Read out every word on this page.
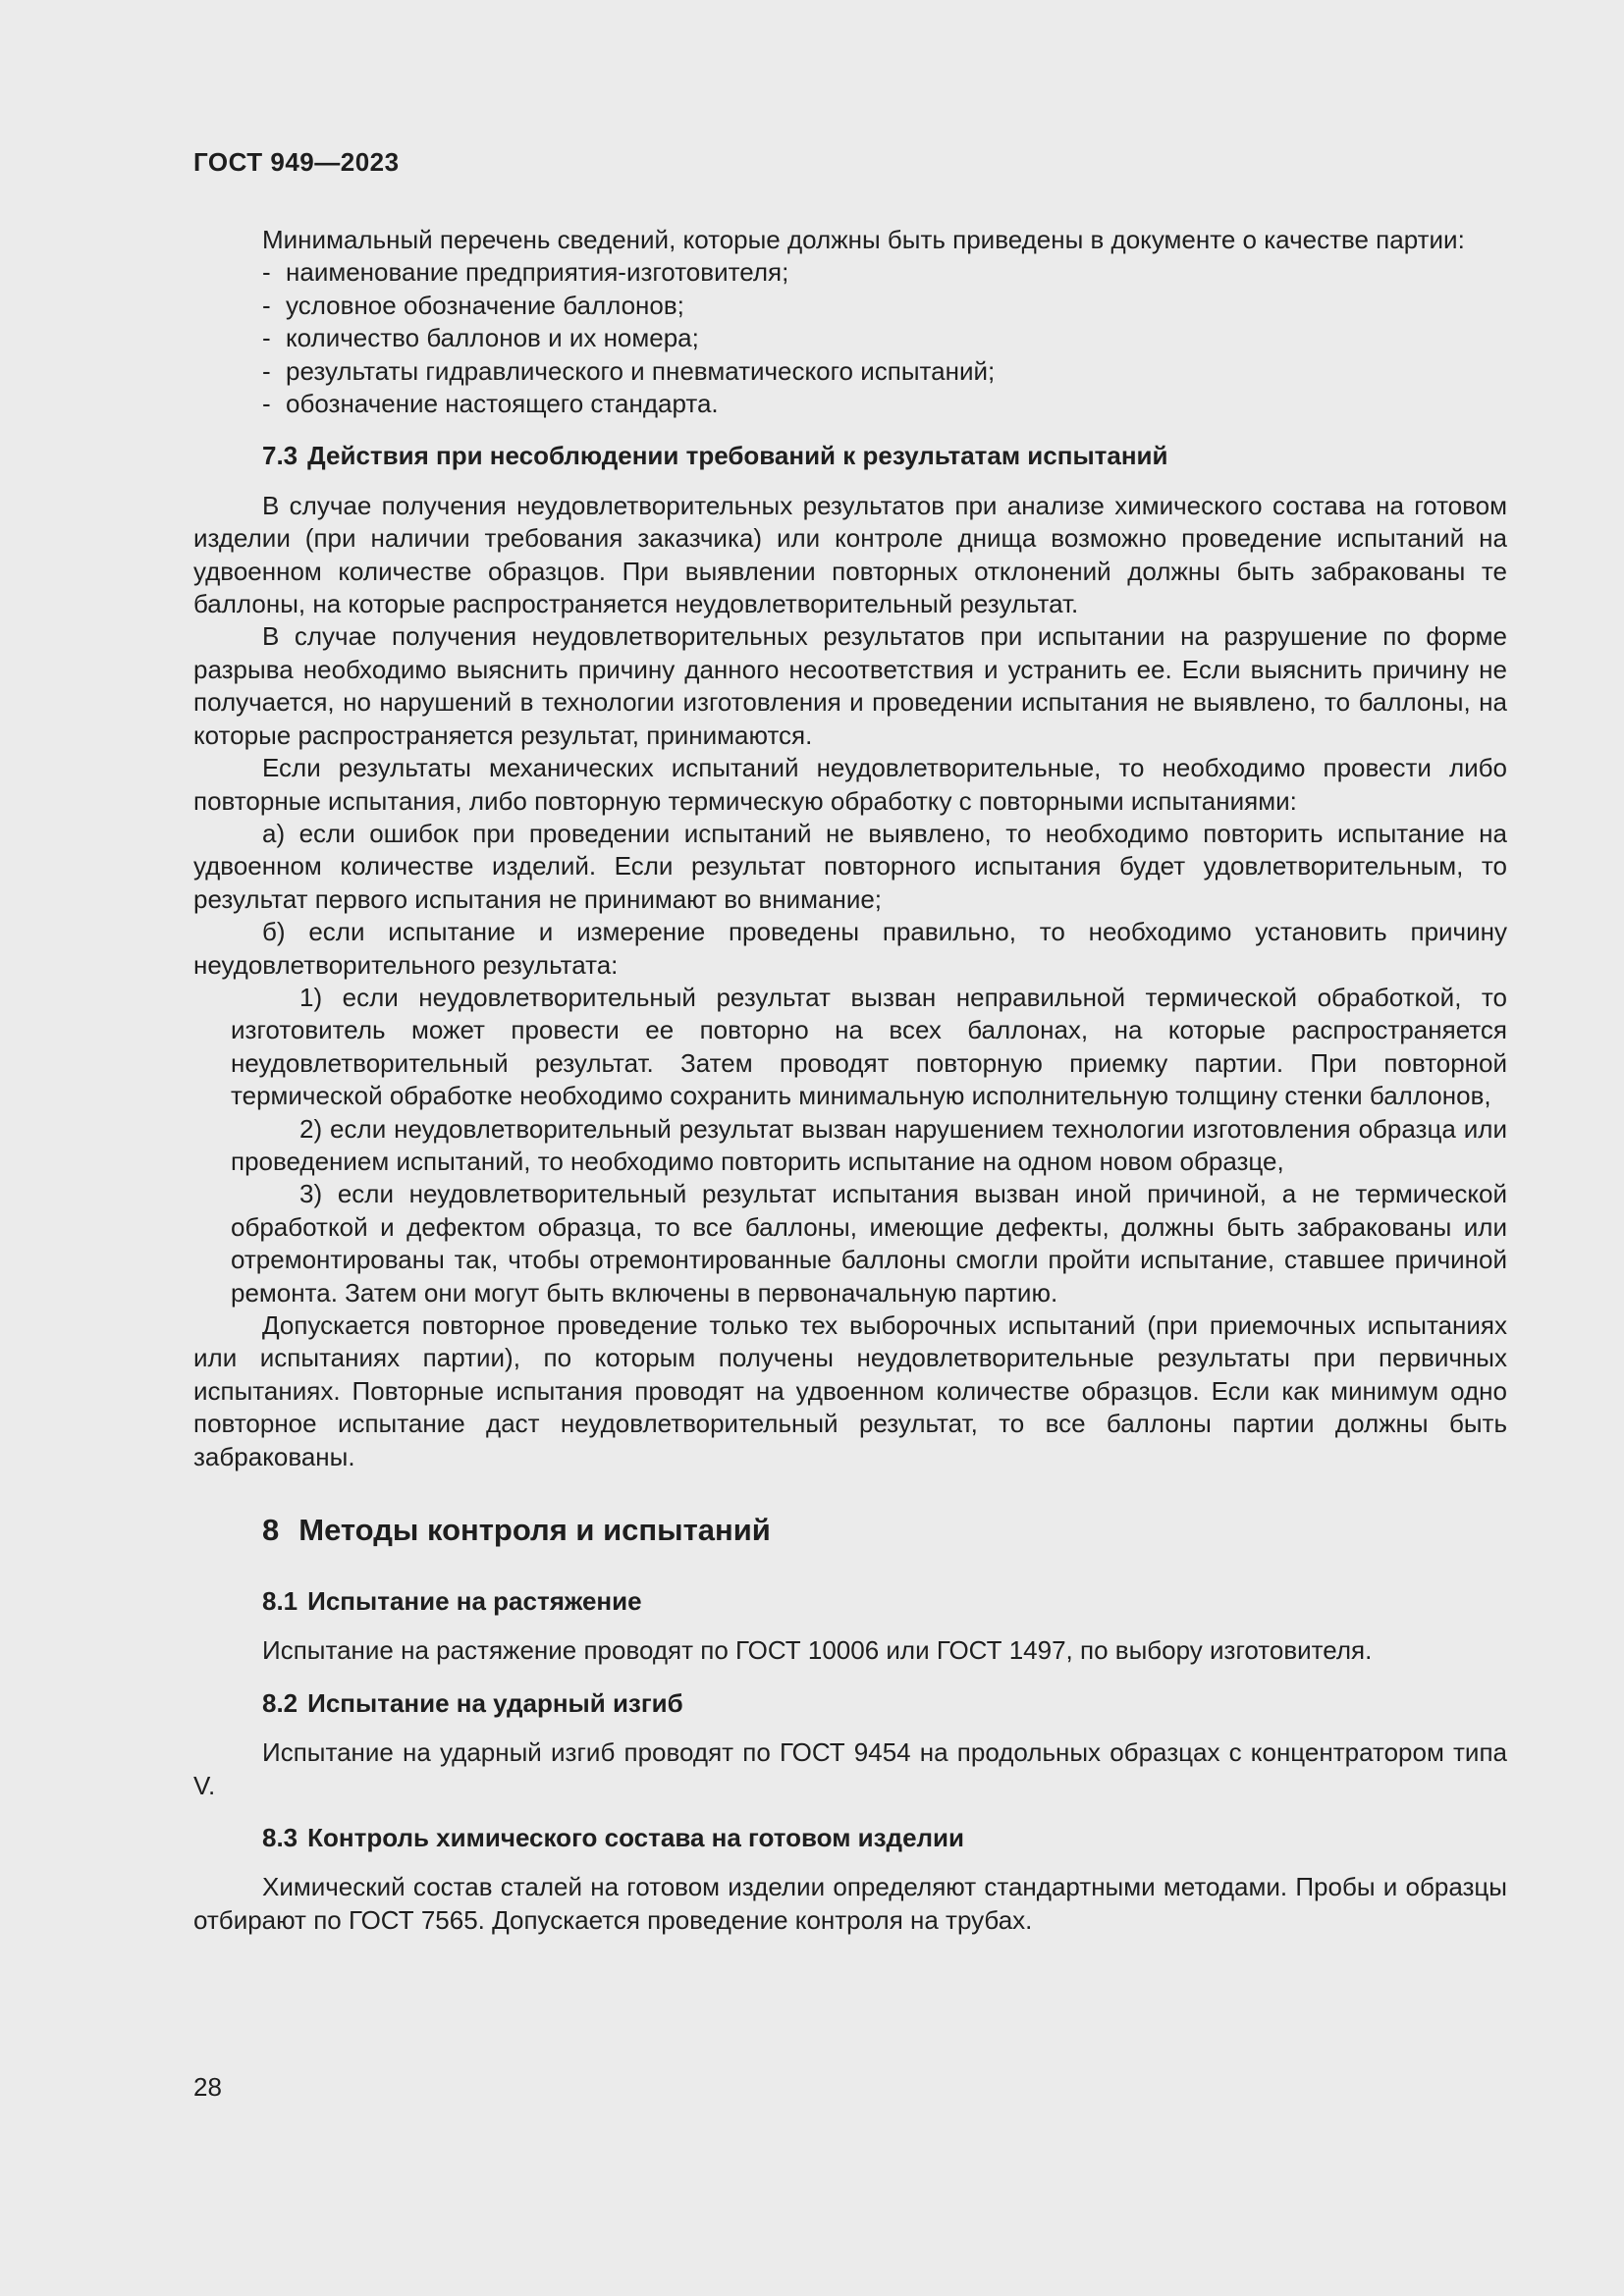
ГОСТ 949—2023

Минимальный перечень сведений, которые должны быть приведены в документе о качестве партии:

- наименование предприятия-изготовителя;

- условное обозначение баллонов;

- количество баллонов и их номера;

- результаты гидравлического и пневматического испытаний;

- обозначение настоящего стандарта.

7.3 Действия при несоблюдении требований к результатам испытаний

В случае получения неудовлетворительных результатов при анализе химического состава на готовом изделии (при наличии требования заказчика) или контроле днища возможно проведение испытаний на удвоенном количестве образцов. При выявлении повторных отклонений должны быть забракованы те баллоны, на которые распространяется неудовлетворительный результат.

В случае получения неудовлетворительных результатов при испытании на разрушение по форме разрыва необходимо выяснить причину данного несоответствия и устранить ее. Если выяснить причину не получается, но нарушений в технологии изготовления и проведении испытания не выявлено, то баллоны, на которые распространяется результат, принимаются.

Если результаты механических испытаний неудовлетворительные, то необходимо провести либо повторные испытания, либо повторную термическую обработку с повторными испытаниями:

а) если ошибок при проведении испытаний не выявлено, то необходимо повторить испытание на удвоенном количестве изделий. Если результат повторного испытания будет удовлетворительным, то результат первого испытания не принимают во внимание;

б) если испытание и измерение проведены правильно, то необходимо установить причину неудовлетворительного результата:

1) если неудовлетворительный результат вызван неправильной термической обработкой, то изготовитель может провести ее повторно на всех баллонах, на которые распространяется неудовлетворительный результат. Затем проводят повторную приемку партии. При повторной термической обработке необходимо сохранить минимальную исполнительную толщину стенки баллонов,

2) если неудовлетворительный результат вызван нарушением технологии изготовления образца или проведением испытаний, то необходимо повторить испытание на одном новом образце,

3) если неудовлетворительный результат испытания вызван иной причиной, а не термической обработкой и дефектом образца, то все баллоны, имеющие дефекты, должны быть забракованы или отремонтированы так, чтобы отремонтированные баллоны смогли пройти испытание, ставшее причиной ремонта. Затем они могут быть включены в первоначальную партию.

Допускается повторное проведение только тех выборочных испытаний (при приемочных испытаниях или испытаниях партии), по которым получены неудовлетворительные результаты при первичных испытаниях. Повторные испытания проводят на удвоенном количестве образцов. Если как минимум одно повторное испытание даст неудовлетворительный результат, то все баллоны партии должны быть забракованы.

8 Методы контроля и испытаний
8.1 Испытание на растяжение

Испытание на растяжение проводят по ГОСТ 10006 или ГОСТ 1497, по выбору изготовителя.

8.2 Испытание на ударный изгиб

Испытание на ударный изгиб проводят по ГОСТ 9454 на продольных образцах с концентратором типа V.

8.3 Контроль химического состава на готовом изделии

Химический состав сталей на готовом изделии определяют стандартными методами. Пробы и образцы отбирают по ГОСТ 7565. Допускается проведение контроля на трубах.

28
